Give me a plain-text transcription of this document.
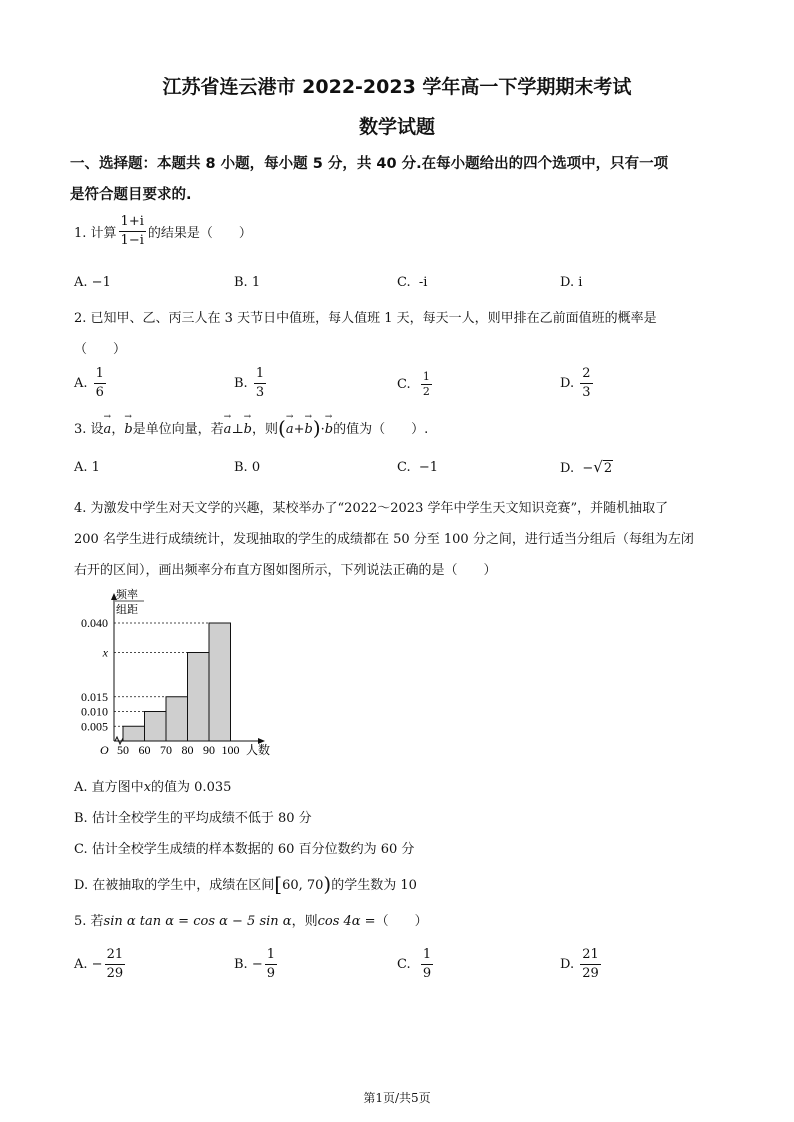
江苏省连云港市 2022-2023 学年高一下学期期末考试
数学试题
一、选择题：本题共 8 小题，每小题 5 分，共 40 分.在每小题给出的四个选项中，只有一项
是符合题目要求的.
1. 计算 $\frac{1+i}{1-i}$ 的结果是（　　）
A. −1	B. 1	C. -i	D. i
2. 已知甲、乙、丙三人在 3 天节日中值班，每人值班 1 天，每天一人，则甲排在乙前面值班的概率是
（　　）
A. $\frac{1}{6}$	B. $\frac{1}{3}$	C. $\frac{1}{2}$	D. $\frac{2}{3}$
3. 设→ a，→ b是单位向量，若→ a⊥→ b，则(→ a+→ b)·→ b的值为（　　）.
A. 1	B. 0	C. −1	D. −√2
4. 为激发中学生对天文学的兴趣，某校举办了“2022～2023 学年中学生天文知识竞赛”，并随机抽取了
200 名学生进行成绩统计，发现抽取的学生的成绩都在 50 分至 100 分之间，进行适当分组后（每组为左闭
右开的区间），画出频率分布直方图如图所示，下列说法正确的是（　　）
频率
组距
0.040
x
0.015
0.010
0.005
50 60 70 80 90 100 人数
O
A. 直方图中x的值为 0.035
B. 估计全校学生的平均成绩不低于 80 分
C. 估计全校学生成绩的样本数据的 60 百分位数约为 60 分
D. 在被抽取的学生中，成绩在区间[60, 70)的学生数为 10
5. 若sin α tan α = cos α − 5 sin α，则cos 4α =（　　）
A. − $\frac{21}{29}$	B. − $\frac{1}{9}$	C. $\frac{1}{9}$	D. $\frac{21}{29}$
第1页/共5页
